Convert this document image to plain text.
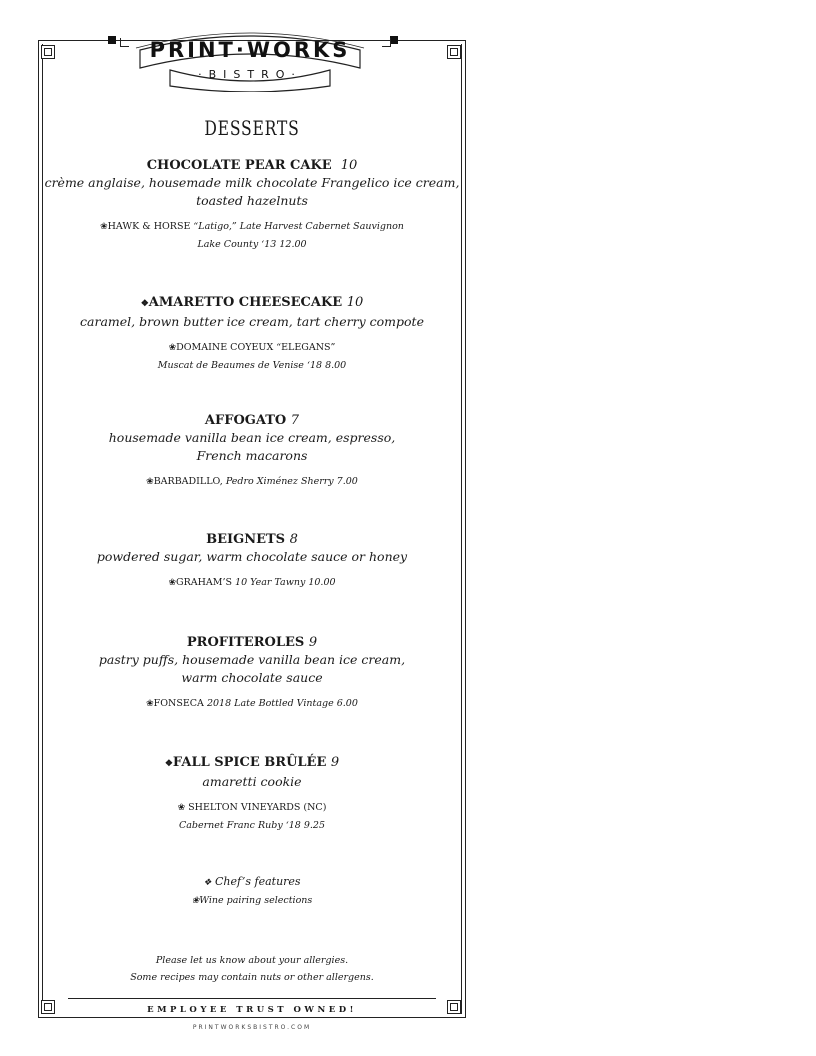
PRINT·WORKS
·BISTRO·
DESSERTS
CHOCOLATE PEAR CAKE 10
crème anglaise, housemade milk chocolate Frangelico ice cream,
toasted hazelnuts
❀HAWK & HORSE “Latigo,” Late Harvest Cabernet Sauvignon
Lake County ‘13 12.00
❖AMARETTO CHEESECAKE 10
caramel, brown butter ice cream, tart cherry compote
❀DOMAINE COYEUX “ELEGANS”
Muscat de Beaumes de Venise ‘18 8.00
AFFOGATO 7
housemade vanilla bean ice cream, espresso,
French macarons
❀BARBADILLO, Pedro Ximénez Sherry 7.00
BEIGNETS 8
powdered sugar, warm chocolate sauce or honey
❀GRAHAM’S 10 Year Tawny 10.00
PROFITEROLES 9
pastry puffs, housemade vanilla bean ice cream,
warm chocolate sauce
❀FONSECA 2018 Late Bottled Vintage 6.00
❖FALL SPICE BRÛLÉE 9
amaretti cookie
❀ SHELTON VINEYARDS (NC)
Cabernet Franc Ruby ‘18 9.25
❖ Chef’s features
❀Wine pairing selections
Please let us know about your allergies.
Some recipes may contain nuts or other allergens.
EMPLOYEE TRUST OWNED!
PRINTWORKSBISTRO.COM
